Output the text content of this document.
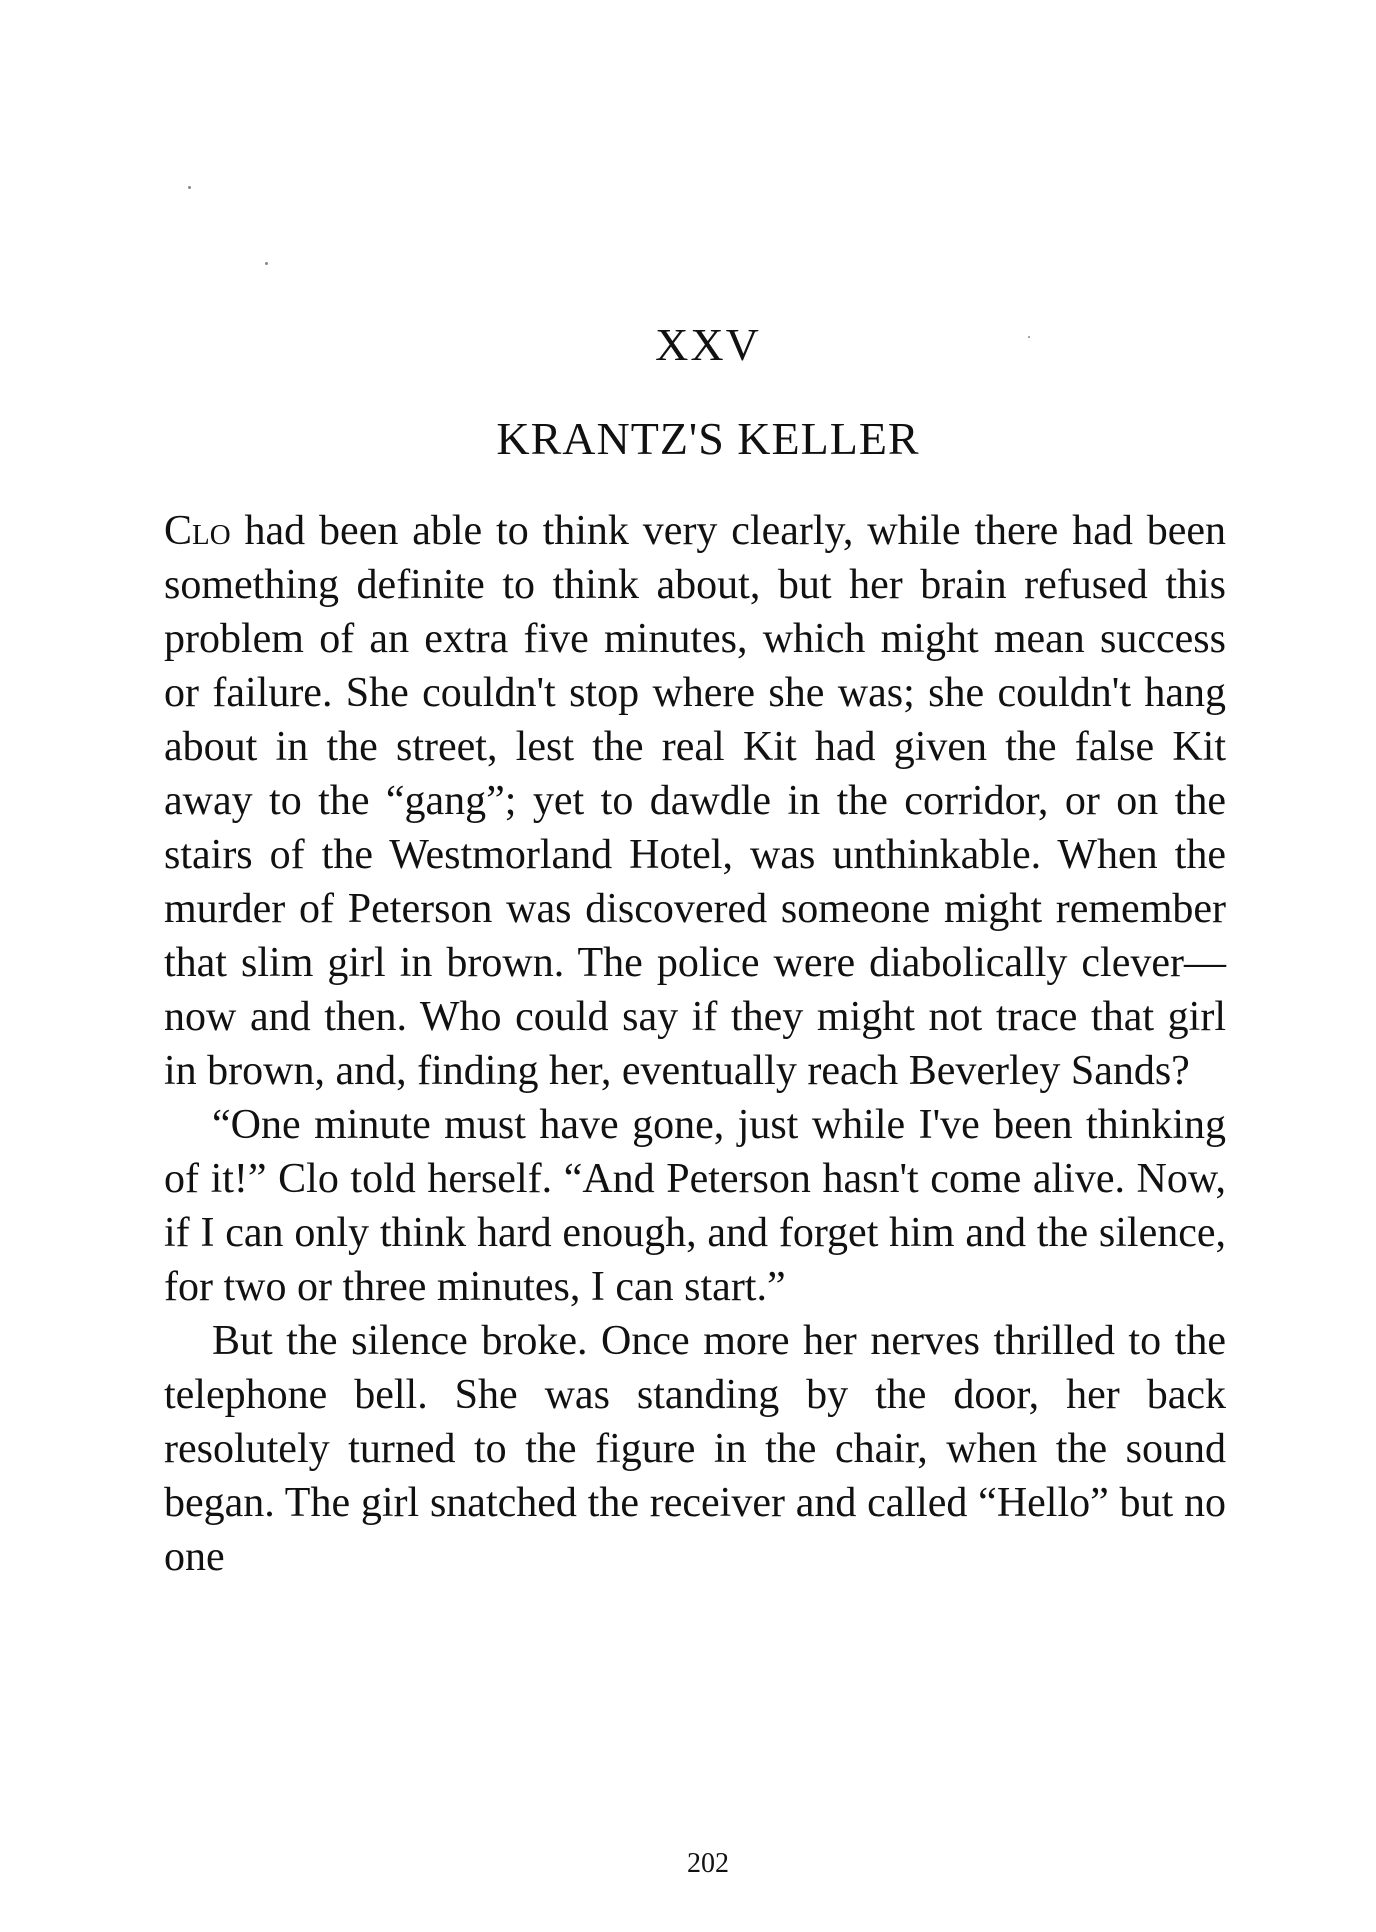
XXV
KRANTZ'S KELLER

Clo had been able to think very clearly, while there had been something definite to think about, but her brain refused this problem of an extra five minutes, which might mean success or failure. She couldn't stop where she was; she couldn't hang about in the street, lest the real Kit had given the false Kit away to the “gang”; yet to dawdle in the corridor, or on the stairs of the Westmorland Hotel, was unthinkable. When the murder of Peterson was discovered someone might remember that slim girl in brown. The police were diabolically clever—now and then. Who could say if they might not trace that girl in brown, and, finding her, eventually reach Beverley Sands?

“One minute must have gone, just while I've been thinking of it!” Clo told herself. “And Peterson hasn't come alive. Now, if I can only think hard enough, and forget him and the silence, for two or three minutes, I can start.”

But the silence broke. Once more her nerves thrilled to the telephone bell. She was standing by the door, her back resolutely turned to the figure in the chair, when the sound began. The girl snatched the receiver and called “Hello” but no one

202
